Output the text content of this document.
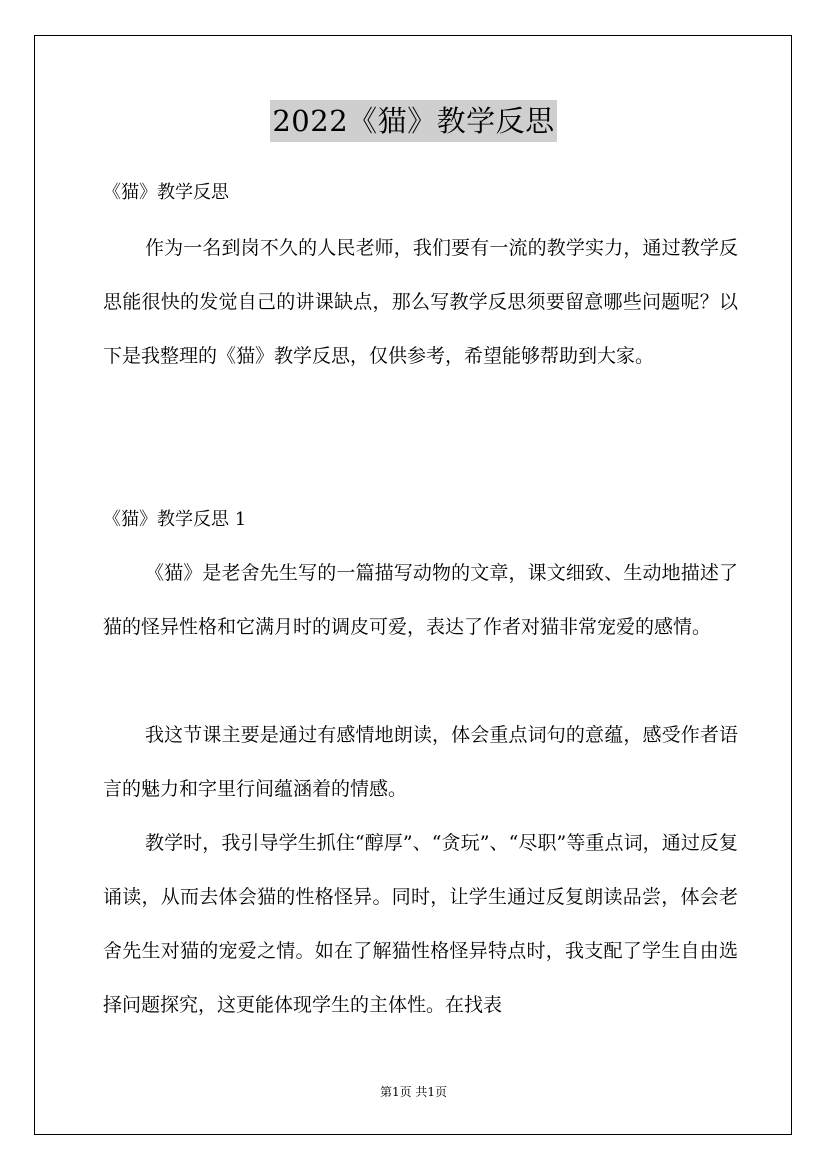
2022《猫》教学反思
《猫》教学反思
作为一名到岗不久的人民老师，我们要有一流的教学实力，通过教学反思能很快的发觉自己的讲课缺点，那么写教学反思须要留意哪些问题呢？以下是我整理的《猫》教学反思，仅供参考，希望能够帮助到大家。
《猫》教学反思 1
《猫》是老舍先生写的一篇描写动物的文章，课文细致、生动地描述了猫的怪异性格和它满月时的调皮可爱，表达了作者对猫非常宠爱的感情。
我这节课主要是通过有感情地朗读，体会重点词句的意蕴，感受作者语言的魅力和字里行间蕴涵着的情感。
教学时，我引导学生抓住“醇厚”、“贪玩”、“尽职”等重点词，通过反复诵读，从而去体会猫的性格怪异。同时，让学生通过反复朗读品尝，体会老舍先生对猫的宠爱之情。如在了解猫性格怪异特点时，我支配了学生自由选择问题探究，这更能体现学生的主体性。在找表
第1页 共1页
